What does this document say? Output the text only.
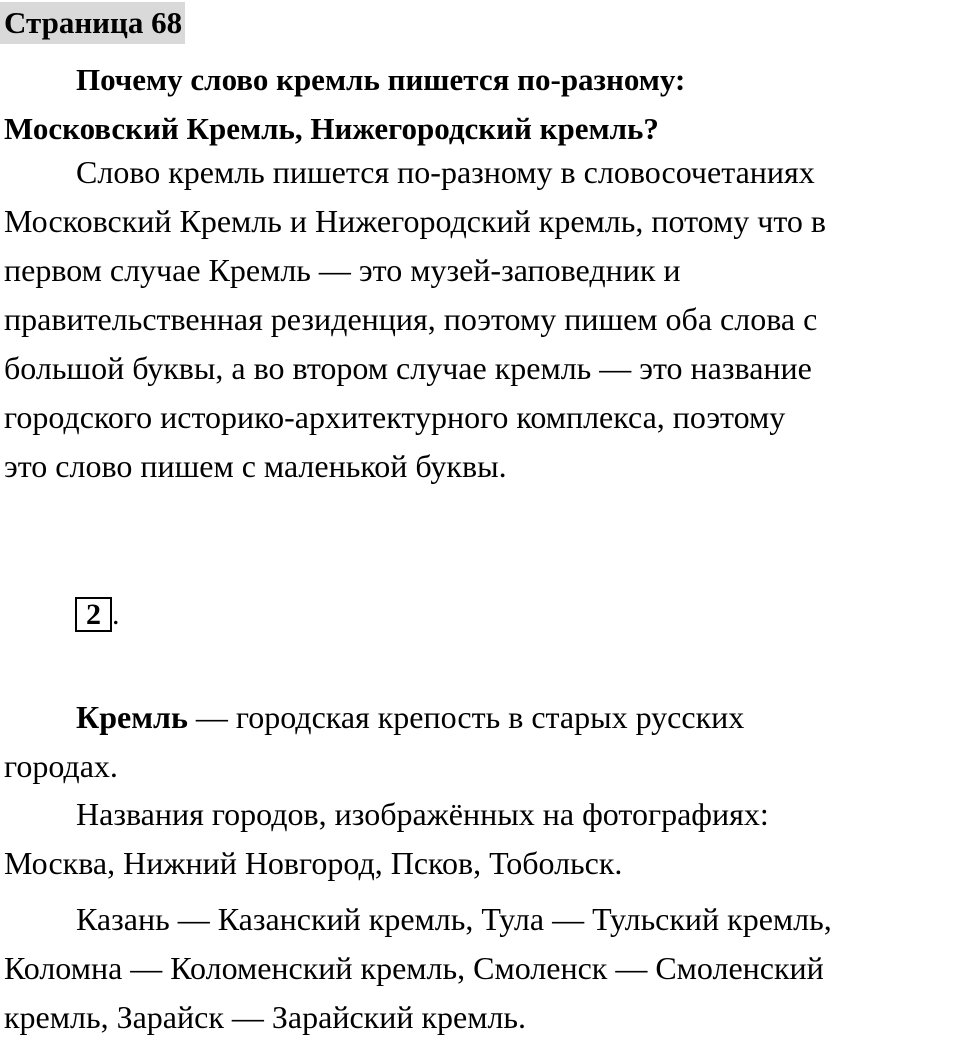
Страница 68
Почему слово кремль пишется по-разному:
Московский Кремль, Нижегородский кремль?
Слово кремль пишется по-разному в словосочетаниях
Московский Кремль и Нижегородский кремль, потому что в
первом случае Кремль — это музей-заповедник и
правительственная резиденция, поэтому пишем оба слова с
большой буквы, а во втором случае кремль — это название
городского историко-архитектурного комплекса, поэтому
это слово пишем с маленькой буквы.
2 .
Кремль — городская крепость в старых русских
городах.
Названия городов, изображённых на фотографиях:
Москва, Нижний Новгород, Псков, Тобольск.
Казань — Казанский кремль, Тула — Тульский кремль,
Коломна — Коломенский кремль, Смоленск — Смоленский
кремль, Зарайск — Зарайский кремль.
